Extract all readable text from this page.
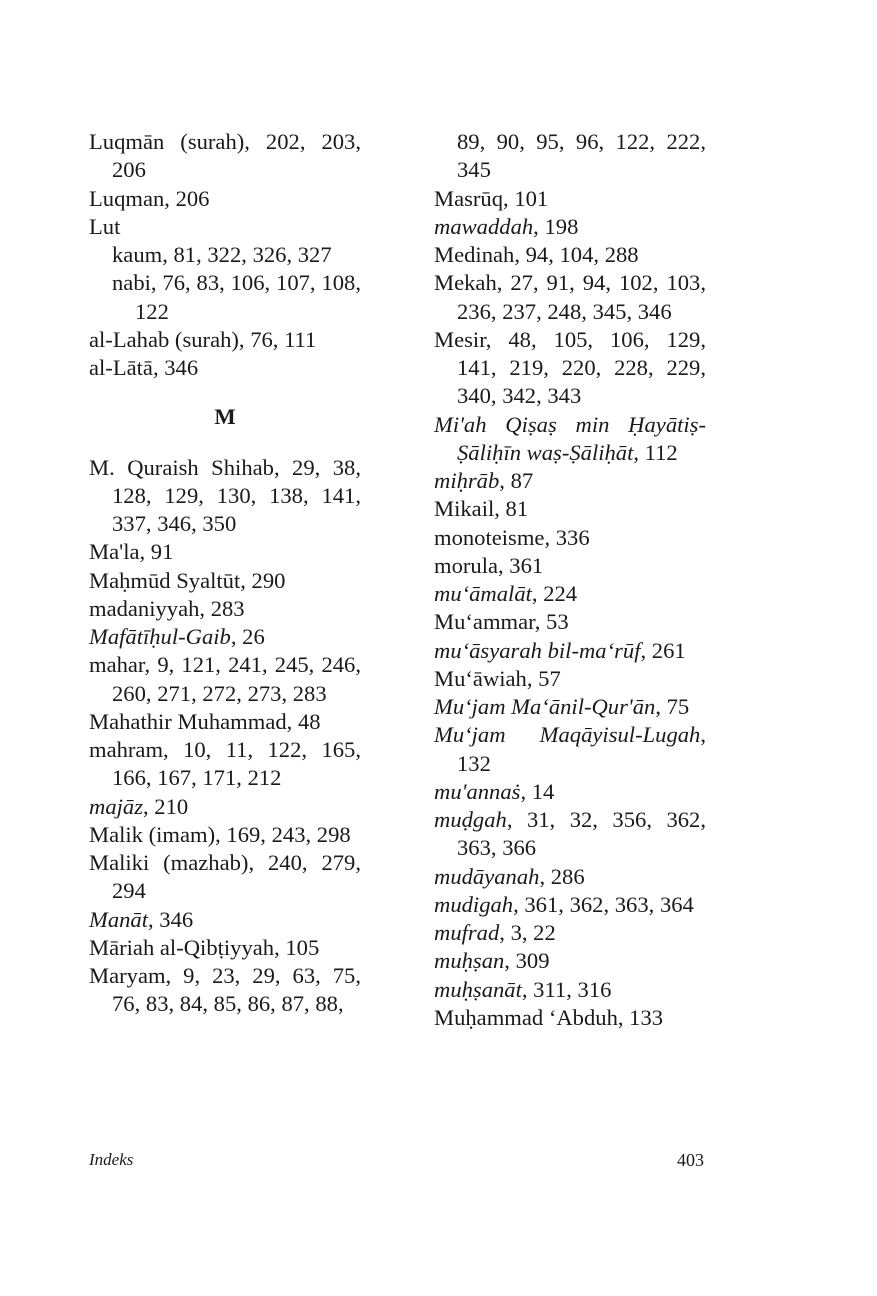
Luqmān (surah), 202, 203, 206
Luqman, 206
Lut
kaum, 81, 322, 326, 327
nabi, 76, 83, 106, 107, 108, 122
al-Lahab (surah), 76, 111
al-Lātā, 346
M
M. Quraish Shihab, 29, 38, 128, 129, 130, 138, 141, 337, 346, 350
Ma'la, 91
Maḥmūd Syaltūt, 290
madaniyyah, 283
Mafātīḥul-Gaib, 26
mahar, 9, 121, 241, 245, 246, 260, 271, 272, 273, 283
Mahathir Muhammad, 48
mahram, 10, 11, 122, 165, 166, 167, 171, 212
majāz, 210
Malik (imam), 169, 243, 298
Maliki (mazhab), 240, 279, 294
Manāt, 346
Māriah al-Qibṭiyyah, 105
Maryam, 9, 23, 29, 63, 75, 76, 83, 84, 85, 86, 87, 88,
89, 90, 95, 96, 122, 222, 345
Masrūq, 101
mawaddah, 198
Medinah, 94, 104, 288
Mekah, 27, 91, 94, 102, 103, 236, 237, 248, 345, 346
Mesir, 48, 105, 106, 129, 141, 219, 220, 228, 229, 340, 342, 343
Mi'ah Qiṣaṣ min Ḥayātiṣ-Ṣāliḥīn waṣ-Ṣāliḥāt, 112
miḥrāb, 87
Mikail, 81
monoteisme, 336
morula, 361
mu‘āmalāt, 224
Mu‘ammar, 53
mu‘āsyarah bil-ma‘rūf, 261
Mu‘āwiah, 57
Mu‘jam Ma‘ānil-Qur'ān, 75
Mu‘jam Maqāyisul-Lugah, 132
mu'annaṡ, 14
muḍgah, 31, 32, 356, 362, 363, 366
mudāyanah, 286
mudigah, 361, 362, 363, 364
mufrad, 3, 22
muḥṣan, 309
muḥṣanāt, 311, 316
Muḥammad ‘Abduh, 133
Indeks	403
